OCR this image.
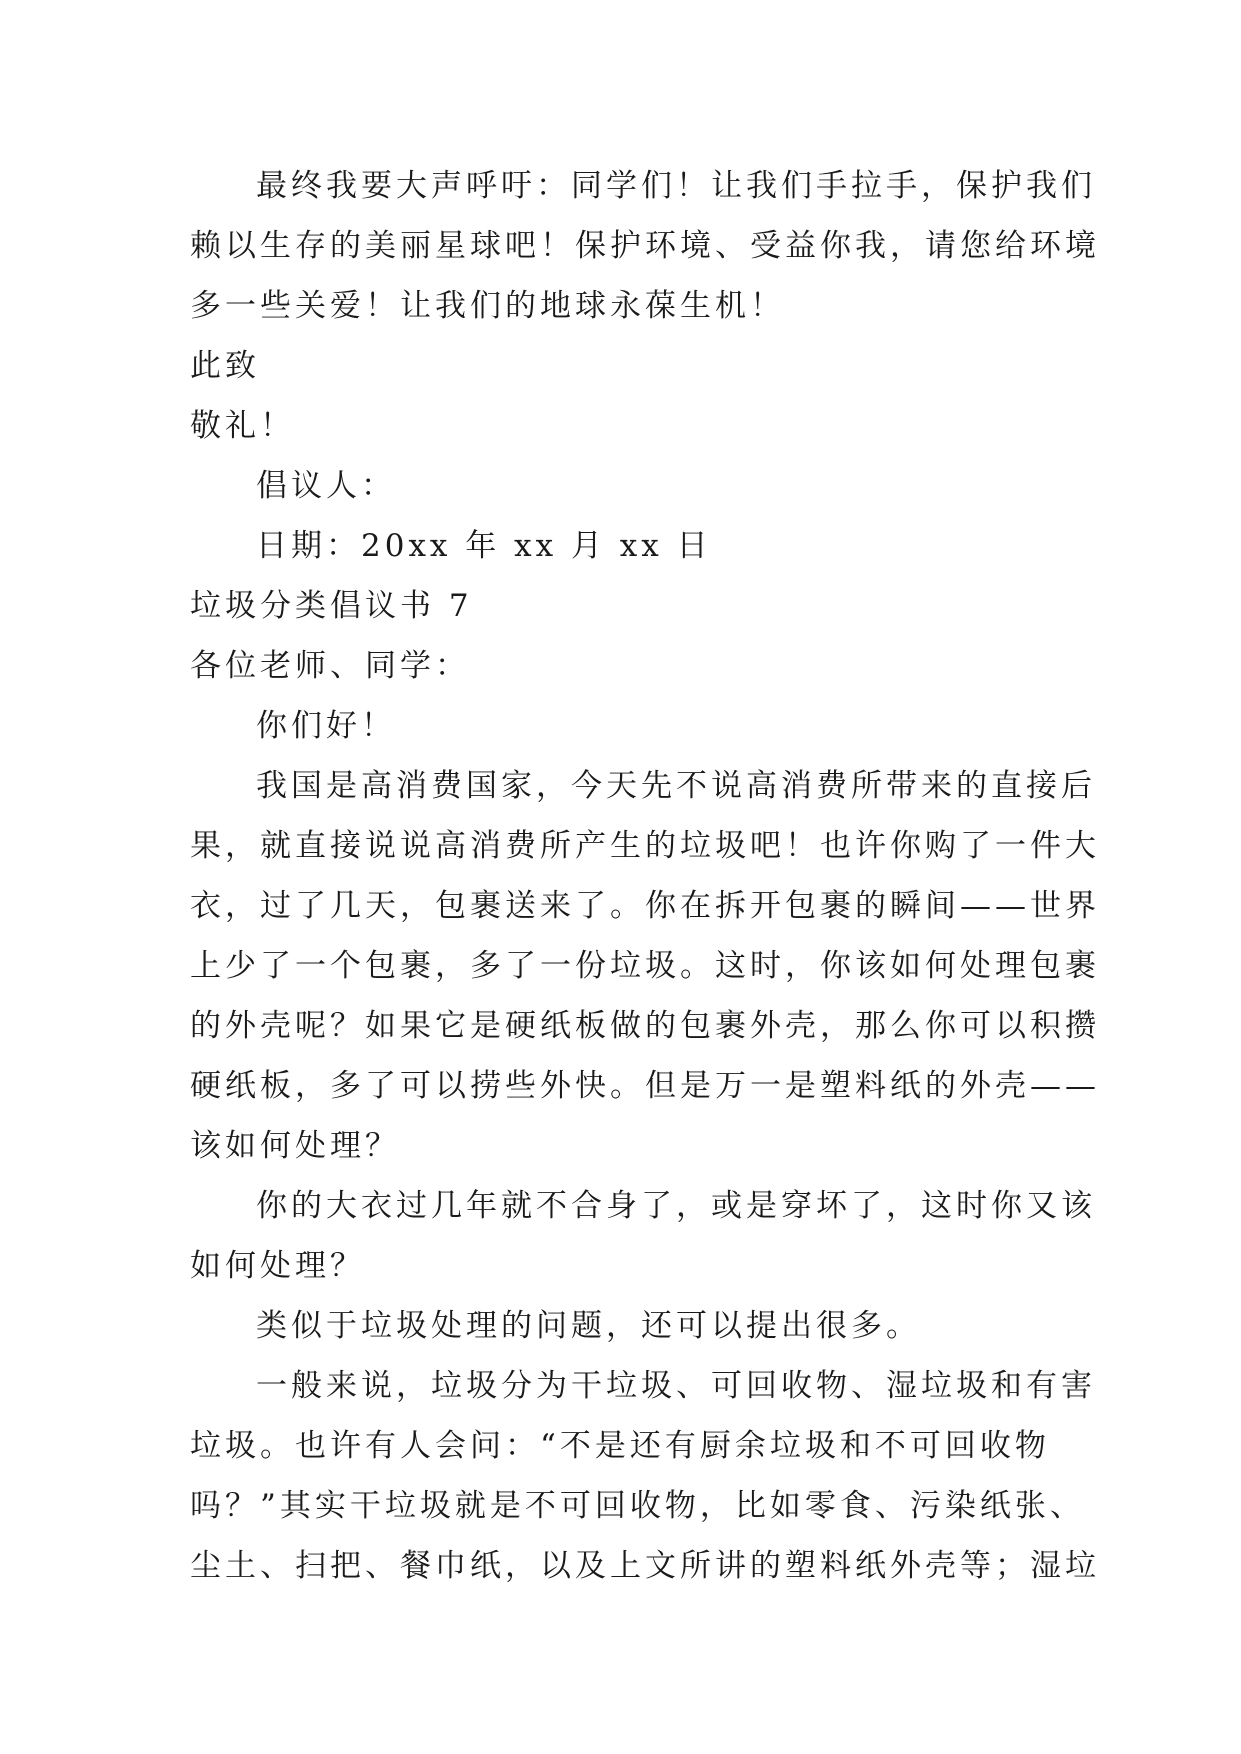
最终我要大声呼吁：同学们！让我们手拉手，保护我们
赖以生存的美丽星球吧！保护环境、受益你我，请您给环境
多一些关爱！让我们的地球永葆生机！
此致
敬礼！
倡议人：
日期：20xx 年 xx 月 xx 日
垃圾分类倡议书 7
各位老师、同学：
你们好！
我国是高消费国家，今天先不说高消费所带来的直接后
果，就直接说说高消费所产生的垃圾吧！也许你购了一件大
衣，过了几天，包裹送来了。你在拆开包裹的瞬间——世界
上少了一个包裹，多了一份垃圾。这时，你该如何处理包裹
的外壳呢？如果它是硬纸板做的包裹外壳，那么你可以积攒
硬纸板，多了可以捞些外快。但是万一是塑料纸的外壳——
该如何处理？
你的大衣过几年就不合身了，或是穿坏了，这时你又该
如何处理？
类似于垃圾处理的问题，还可以提出很多。
一般来说，垃圾分为干垃圾、可回收物、湿垃圾和有害
垃圾。也许有人会问：“不是还有厨余垃圾和不可回收物
吗？”其实干垃圾就是不可回收物，比如零食、污染纸张、
尘土、扫把、餐巾纸，以及上文所讲的塑料纸外壳等；湿垃
